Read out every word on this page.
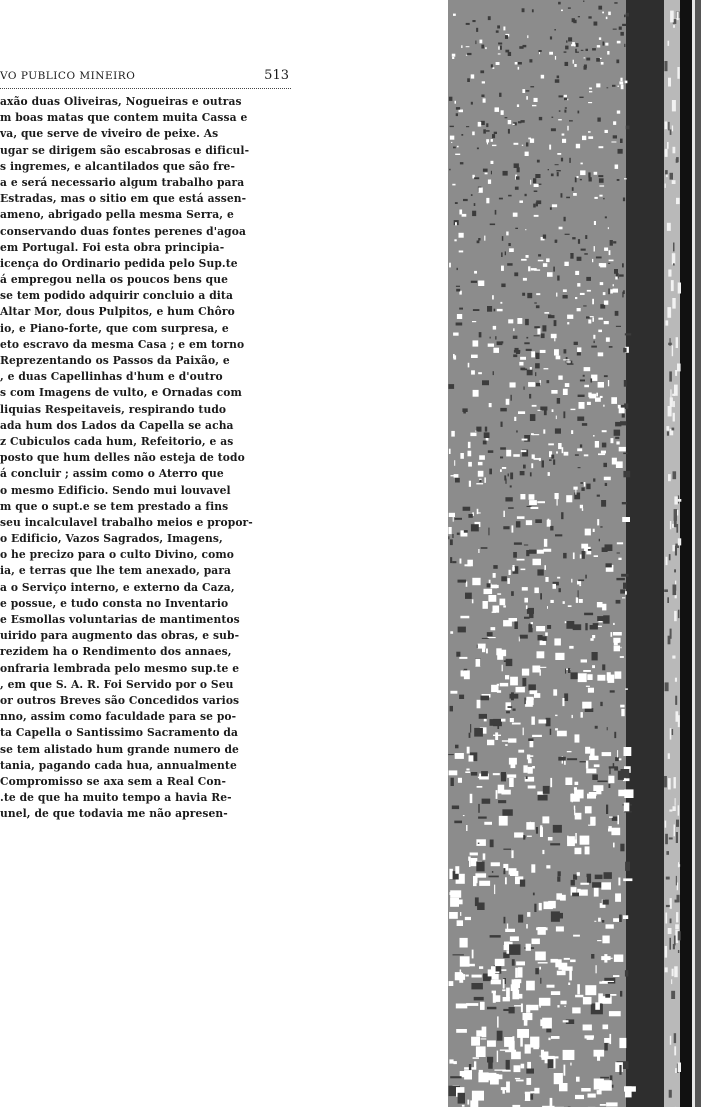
VO PUBLICO MINEIRO	513
axão duas Oliveiras, Nogueiras e outras
m boas matas que contem muita Cassa e
va, que serve de viveiro de peixe. As
ugar se dirigem são escabrosas e dificul-
s ingremes, e alcantilados que são fre-
a e será necessario algum trabalho para
Estradas, mas o sitio em que está assen-
ameno, abrigado pella mesma Serra, e
conservando duas fontes perenes d'agoa
em Portugal. Foi esta obra principia-
icença do Ordinario pedida pelo Sup.te
á empregou nella os poucos bens que
se tem podido adquirir concluio a dita
Altar Mor, dous Pulpitos, e hum Chôro
io, e Piano-forte, que com surpresa, e
eto escravo da mesma Casa ; e em torno
Reprezentando os Passos da Paixão, e
, e duas Capellinhas d'hum e d'outro
s com Imagens de vulto, e Ornadas com
liquias Respeitaveis, respirando tudo
ada hum dos Lados da Capella se acha
z Cubiculos cada hum, Refeitorio, e as
posto que hum delles não esteja de todo
á concluir ; assim como o Aterro que
o mesmo Edificio. Sendo mui louvavel
m que o supt.e se tem prestado a fins
seu incalculavel trabalho meios e propor-
o Edificio, Vazos Sagrados, Imagens,
o he precizo para o culto Divino, como
ia, e terras que lhe tem anexado, para
a o Serviço interno, e externo da Caza,
e possue, e tudo consta no Inventario
e Esmollas voluntarias de mantimentos
uirido para augmento das obras, e sub-
rezidem ha o Rendimento dos annaes,
onfraria lembrada pelo mesmo sup.te e
, em que S. A. R. Foi Servido por o Seu
or outros Breves são Concedidos varios
nno, assim como faculdade para se po-
ta Capella o Santissimo Sacramento da
se tem alistado hum grande numero de
tania, pagando cada hua, annualmente
Compromisso se axa sem a Real Con-
.te de que ha muito tempo a havia Re-
unel, de que todavia me não apresen-
